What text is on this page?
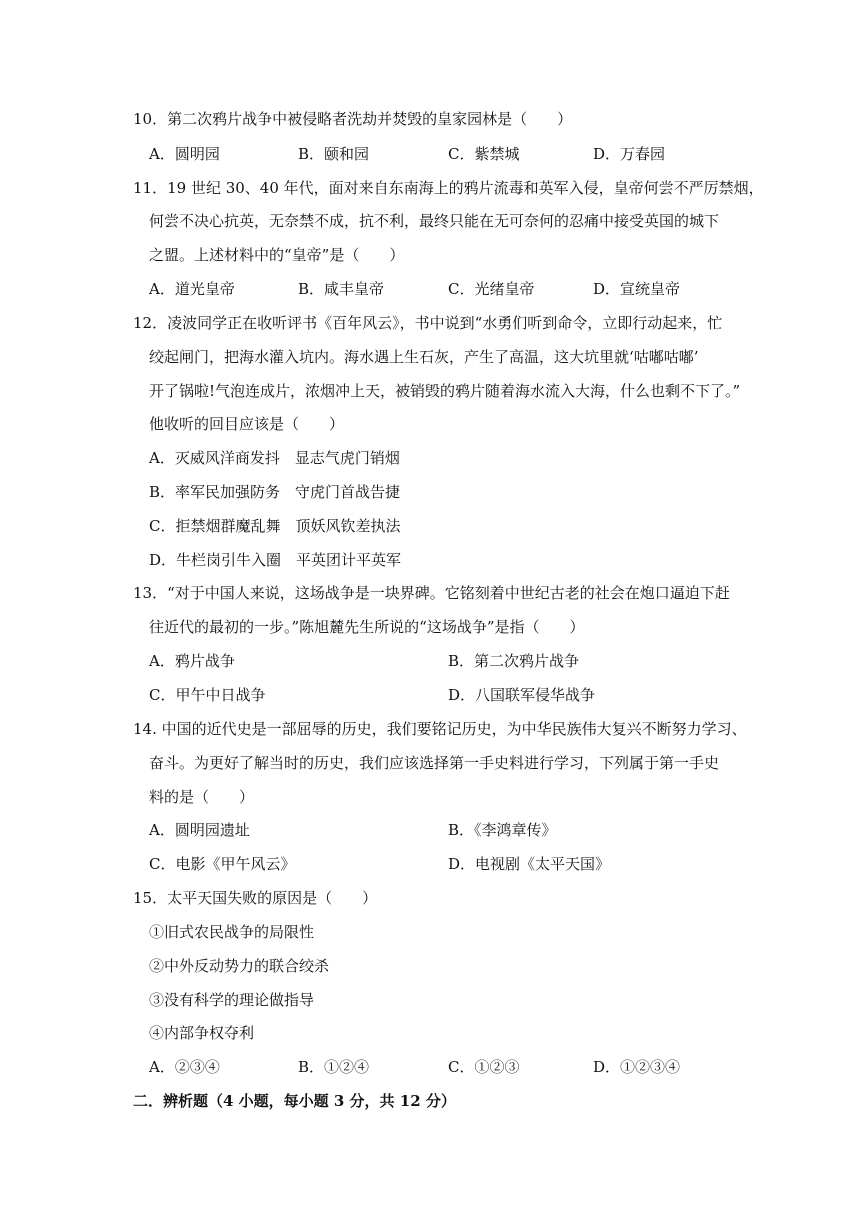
10．第二次鸦片战争中被侵略者洗劫并焚毁的皇家园林是（　　）
A．圆明园	B．颐和园	C．紫禁城	D．万春园
11．19 世纪 30、40 年代，面对来自东南海上的鸦片流毒和英军入侵，皇帝何尝不严厉禁烟，
何尝不决心抗英，无奈禁不成，抗不利，最终只能在无可奈何的忍痛中接受英国的城下
之盟。上述材料中的“皇帝”是（　　）
A．道光皇帝	B．咸丰皇帝	C．光绪皇帝	D．宣统皇帝
12．凌波同学正在收听评书《百年风云》，书中说到“水勇们听到命令，立即行动起来，忙
绞起闸门，把海水灌入坑内。海水遇上生石灰，产生了高温，这大坑里就‘咕嘟咕嘟’
开了锅啦!气泡连成片，浓烟冲上天，被销毁的鸦片随着海水流入大海，什么也剩不下了。”
他收听的回目应该是（　　）
A．灭威风洋商发抖　显志气虎门销烟
B．率军民加强防务　守虎门首战告捷
C．拒禁烟群魔乱舞　顶妖风钦差执法
D．牛栏岗引牛入圈　平英团计平英军
13．“对于中国人来说，这场战争是一块界碑。它铭刻着中世纪古老的社会在炮口逼迫下赶
往近代的最初的一步。”陈旭麓先生所说的“这场战争”是指（　　）
A．鸦片战争	B．第二次鸦片战争
C．甲午中日战争	D．八国联军侵华战争
14. 中国的近代史是一部屈辱的历史，我们要铭记历史，为中华民族伟大复兴不断努力学习、
奋斗。为更好了解当时的历史，我们应该选择第一手史料进行学习，下列属于第一手史
料的是（　　）
A．圆明园遗址	B．《李鸿章传》
C．电影《甲午风云》	D．电视剧《太平天国》
15．太平天国失败的原因是（　　）
①旧式农民战争的局限性
②中外反动势力的联合绞杀
③没有科学的理论做指导
④内部争权夺利
A．②③④	B．①②④	C．①②③	D．①②③④
二．辨析题（4 小题，每小题 3 分，共 12 分）
